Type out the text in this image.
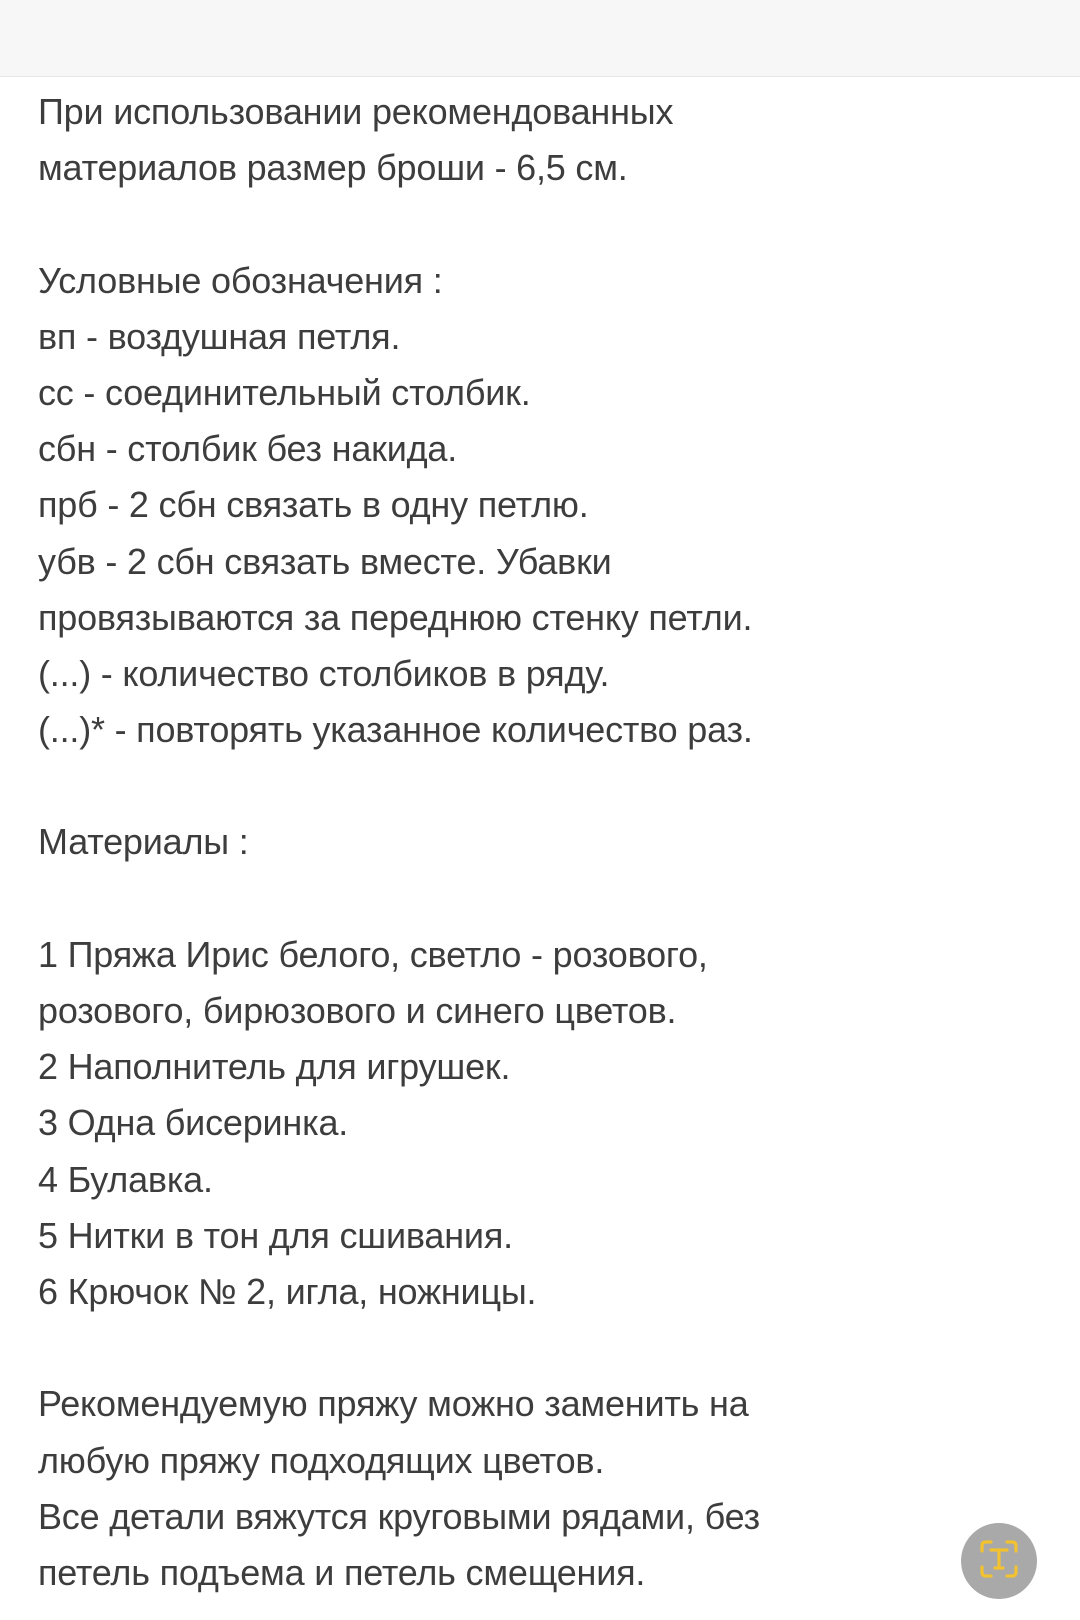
При использовании рекомендованных
материалов размер броши - 6,5 см.
Условные обозначения :
вп - воздушная петля.
сс - соединительный столбик.
сбн - столбик без накида.
прб - 2 сбн связать в одну петлю.
убв - 2 сбн связать вместе. Убавки
провязываются за переднюю стенку петли.
(...) - количество столбиков в ряду.
(...)* - повторять указанное количество раз.
Материалы :
1 Пряжа Ирис белого, светло - розового,
розового, бирюзового и синего цветов.
2 Наполнитель для игрушек.
3 Одна бисеринка.
4 Булавка.
5 Нитки в тон для сшивания.
6 Крючок № 2, игла, ножницы.
Рекомендуемую пряжу можно заменить на
любую пряжу подходящих цветов.
Все детали вяжутся круговыми рядами, без
петель подъема и петель смещения.
